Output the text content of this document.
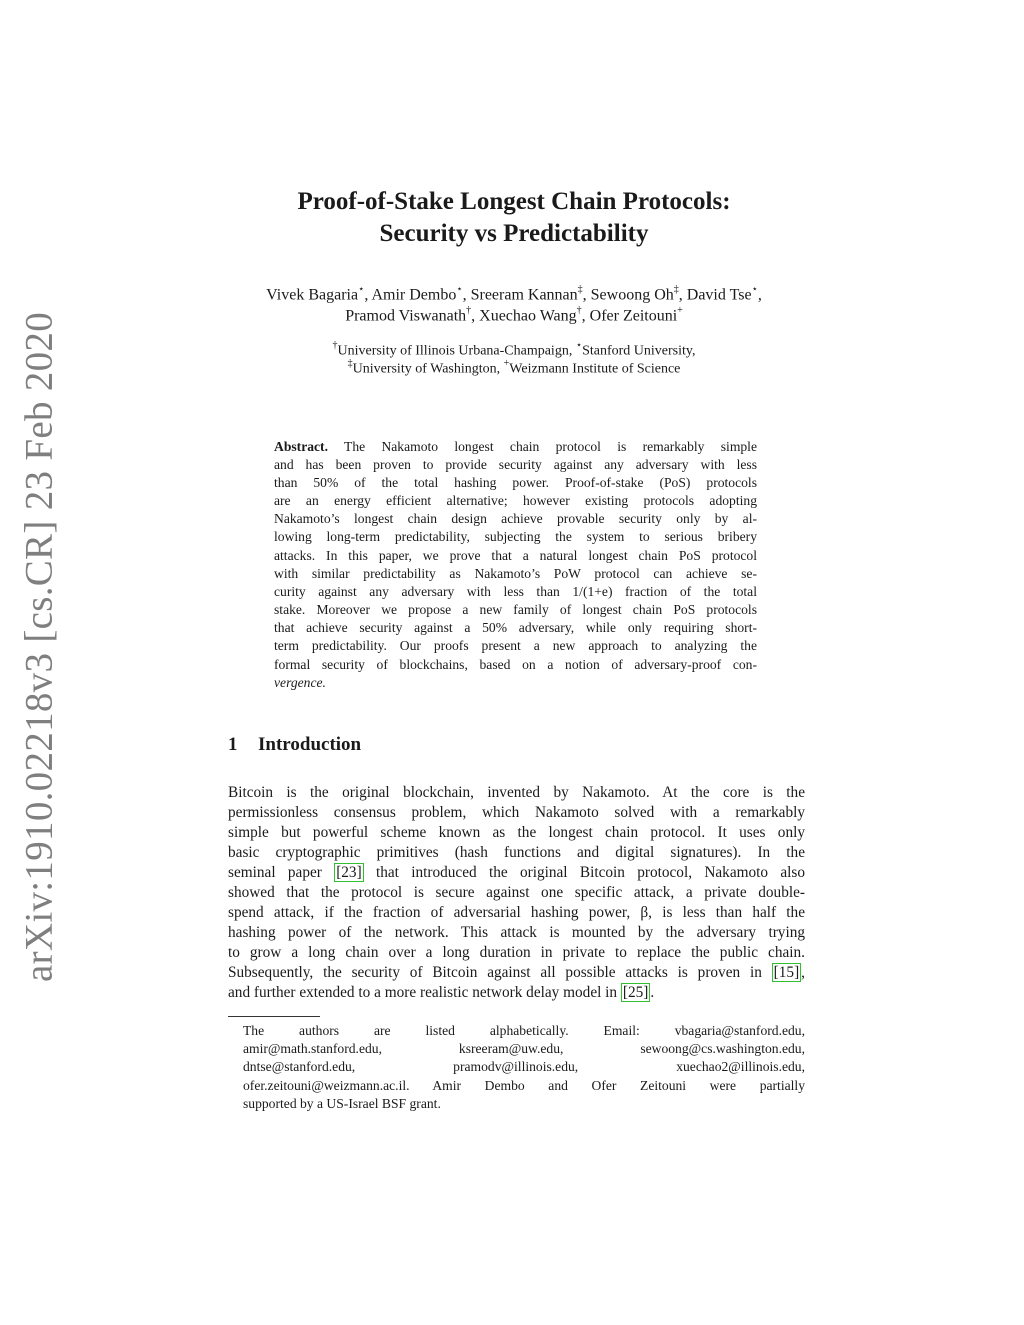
arXiv:1910.02218v3 [cs.CR] 23 Feb 2020
Proof-of-Stake Longest Chain Protocols:
Security vs Predictability
Vivek Bagaria⋆, Amir Dembo⋆, Sreeram Kannan‡, Sewoong Oh‡, David Tse⋆,
Pramod Viswanath†, Xuechao Wang†, Ofer Zeitouni+
†University of Illinois Urbana-Champaign, ⋆Stanford University,
‡University of Washington, +Weizmann Institute of Science
Abstract. The Nakamoto longest chain protocol is remarkably simple
and has been proven to provide security against any adversary with less
than 50% of the total hashing power. Proof-of-stake (PoS) protocols
are an energy efficient alternative; however existing protocols adopting
Nakamoto’s longest chain design achieve provable security only by al-
lowing long-term predictability, subjecting the system to serious bribery
attacks. In this paper, we prove that a natural longest chain PoS protocol
with similar predictability as Nakamoto’s PoW protocol can achieve se-
curity against any adversary with less than 1/(1+e) fraction of the total
stake. Moreover we propose a new family of longest chain PoS protocols
that achieve security against a 50% adversary, while only requiring short-
term predictability. Our proofs present a new approach to analyzing the
formal security of blockchains, based on a notion of adversary-proof con-
vergence.
1 Introduction
Bitcoin is the original blockchain, invented by Nakamoto. At the core is the
permissionless consensus problem, which Nakamoto solved with a remarkably
simple but powerful scheme known as the longest chain protocol. It uses only
basic cryptographic primitives (hash functions and digital signatures). In the
seminal paper [23] that introduced the original Bitcoin protocol, Nakamoto also
showed that the protocol is secure against one specific attack, a private double-
spend attack, if the fraction of adversarial hashing power, β, is less than half the
hashing power of the network. This attack is mounted by the adversary trying
to grow a long chain over a long duration in private to replace the public chain.
Subsequently, the security of Bitcoin against all possible attacks is proven in [15] ,
and further extended to a more realistic network delay model in [25] .
The authors are listed alphabetically. Email: vbagaria@stanford.edu,
amir@math.stanford.edu, ksreeram@uw.edu, sewoong@cs.washington.edu,
dntse@stanford.edu, pramodv@illinois.edu, xuechao2@illinois.edu,
ofer.zeitouni@weizmann.ac.il. Amir Dembo and Ofer Zeitouni were partially
supported by a US-Israel BSF grant.
